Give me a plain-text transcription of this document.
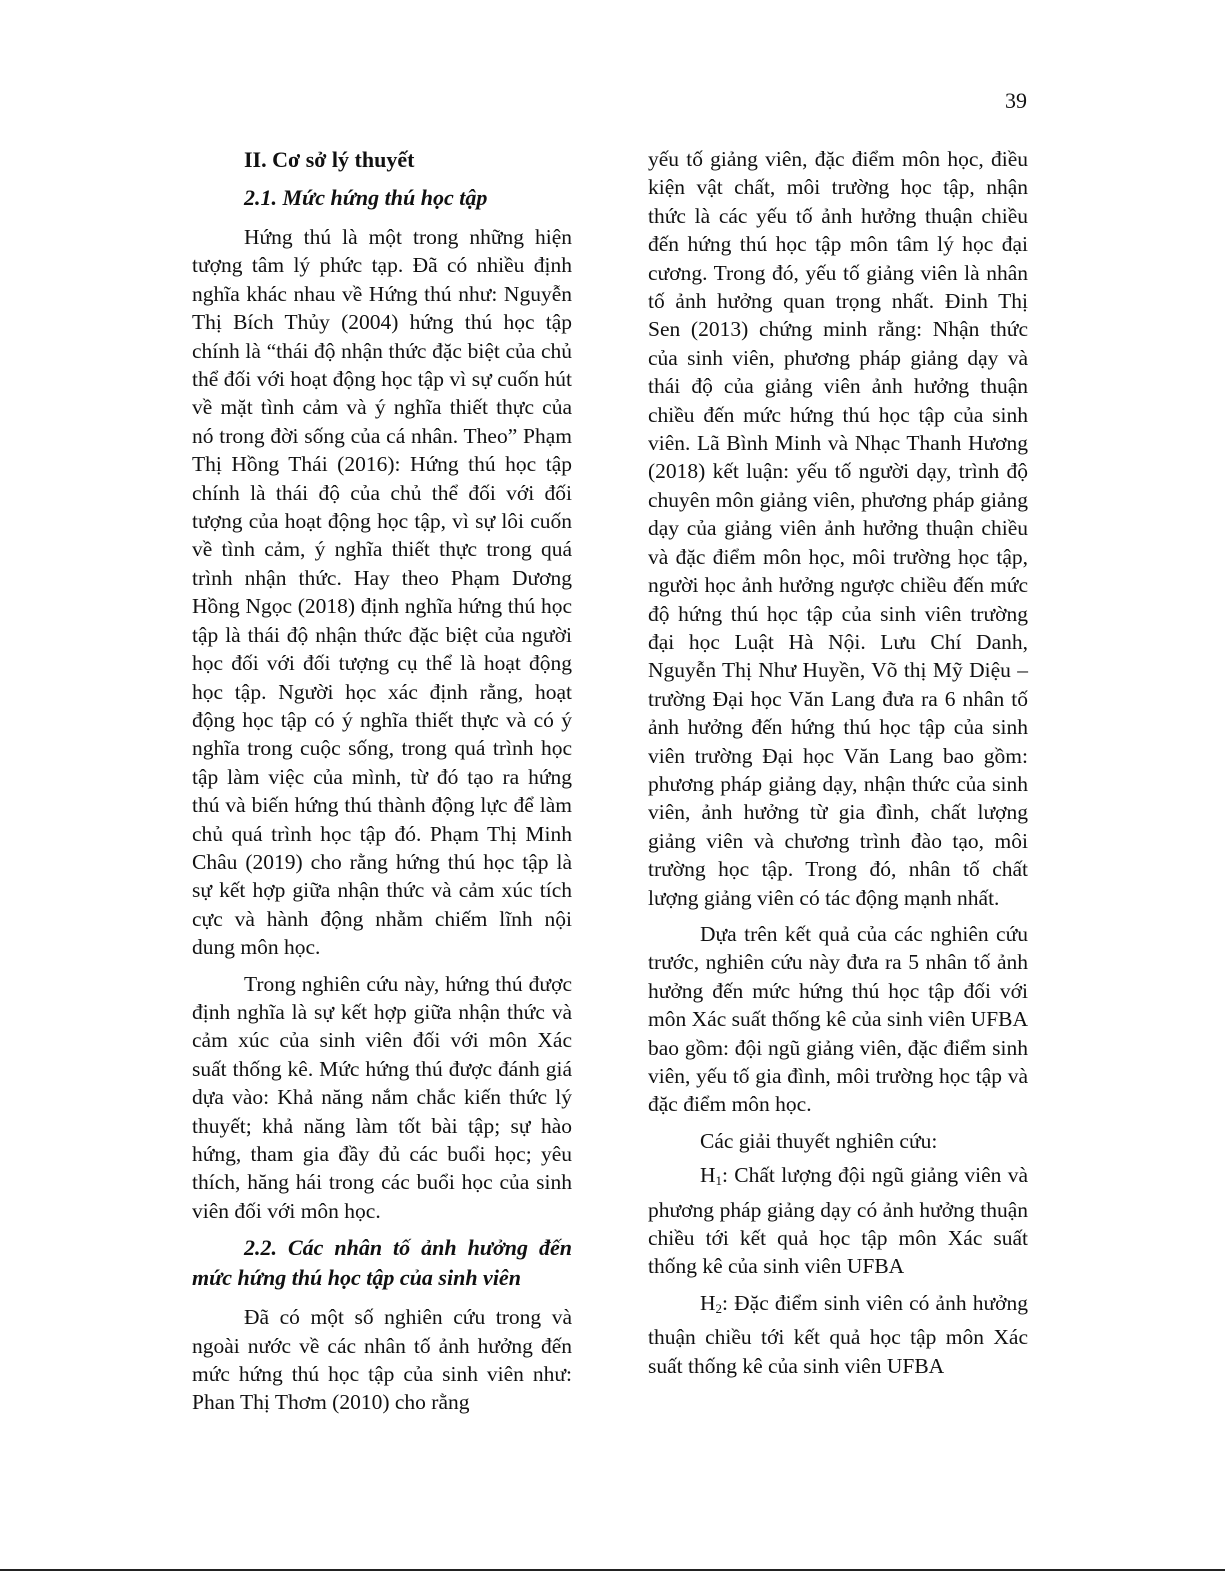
39
II. Cơ sở lý thuyết
2.1. Mức hứng thú học tập

Hứng thú là một trong những hiện tượng tâm lý phức tạp. Đã có nhiều định nghĩa khác nhau về Hứng thú như: Nguyễn Thị Bích Thủy (2004) hứng thú học tập chính là “thái độ nhận thức đặc biệt của chủ thể đối với hoạt động học tập vì sự cuốn hút về mặt tình cảm và ý nghĩa thiết thực của nó trong đời sống của cá nhân. Theo” Phạm Thị Hồng Thái (2016): Hứng thú học tập chính là thái độ của chủ thể đối với đối tượng của hoạt động học tập, vì sự lôi cuốn về tình cảm, ý nghĩa thiết thực trong quá trình nhận thức. Hay theo Phạm Dương Hồng Ngọc (2018) định nghĩa hứng thú học tập là thái độ nhận thức đặc biệt của người học đối với đối tượng cụ thể là hoạt động học tập. Người học xác định rằng, hoạt động học tập có ý nghĩa thiết thực và có ý nghĩa trong cuộc sống, trong quá trình học tập làm việc của mình, từ đó tạo ra hứng thú và biến hứng thú thành động lực để làm chủ quá trình học tập đó. Phạm Thị Minh Châu (2019) cho rằng hứng thú học tập là sự kết hợp giữa nhận thức và cảm xúc tích cực và hành động nhằm chiếm lĩnh nội dung môn học.

Trong nghiên cứu này, hứng thú được định nghĩa là sự kết hợp giữa nhận thức và cảm xúc của sinh viên đối với môn Xác suất thống kê. Mức hứng thú được đánh giá dựa vào: Khả năng nắm chắc kiến thức lý thuyết; khả năng làm tốt bài tập; sự hào hứng, tham gia đầy đủ các buổi học; yêu thích, hăng hái trong các buổi học của sinh viên đối với môn học.

2.2. Các nhân tố ảnh hưởng đến mức hứng thú học tập của sinh viên

Đã có một số nghiên cứu trong và ngoài nước về các nhân tố ảnh hưởng đến mức hứng thú học tập của sinh viên như: Phan Thị Thơm (2010) cho rằng

yếu tố giảng viên, đặc điểm môn học, điều kiện vật chất, môi trường học tập, nhận thức là các yếu tố ảnh hưởng thuận chiều đến hứng thú học tập môn tâm lý học đại cương. Trong đó, yếu tố giảng viên là nhân tố ảnh hưởng quan trọng nhất. Đinh Thị Sen (2013) chứng minh rằng: Nhận thức của sinh viên, phương pháp giảng dạy và thái độ của giảng viên ảnh hưởng thuận chiều đến mức hứng thú học tập của sinh viên. Lã Bình Minh và Nhạc Thanh Hương (2018) kết luận: yếu tố người dạy, trình độ chuyên môn giảng viên, phương pháp giảng dạy của giảng viên ảnh hưởng thuận chiều và đặc điểm môn học, môi trường học tập, người học ảnh hưởng ngược chiều đến mức độ hứng thú học tập của sinh viên trường đại học Luật Hà Nội. Lưu Chí Danh, Nguyễn Thị Như Huyền, Võ thị Mỹ Diệu – trường Đại học Văn Lang đưa ra 6 nhân tố ảnh hưởng đến hứng thú học tập của sinh viên trường Đại học Văn Lang bao gồm: phương pháp giảng dạy, nhận thức của sinh viên, ảnh hưởng từ gia đình, chất lượng giảng viên và chương trình đào tạo, môi trường học tập. Trong đó, nhân tố chất lượng giảng viên có tác động mạnh nhất.

Dựa trên kết quả của các nghiên cứu trước, nghiên cứu này đưa ra 5 nhân tố ảnh hưởng đến mức hứng thú học tập đối với môn Xác suất thống kê của sinh viên UFBA bao gồm: đội ngũ giảng viên, đặc điểm sinh viên, yếu tố gia đình, môi trường học tập và đặc điểm môn học.

Các giải thuyết nghiên cứu:

$H_1$: Chất lượng đội ngũ giảng viên và phương pháp giảng dạy có ảnh hưởng thuận chiều tới kết quả học tập môn Xác suất thống kê của sinh viên UFBA

$H_2$: Đặc điểm sinh viên có ảnh hưởng thuận chiều tới kết quả học tập môn Xác suất thống kê của sinh viên UFBA
